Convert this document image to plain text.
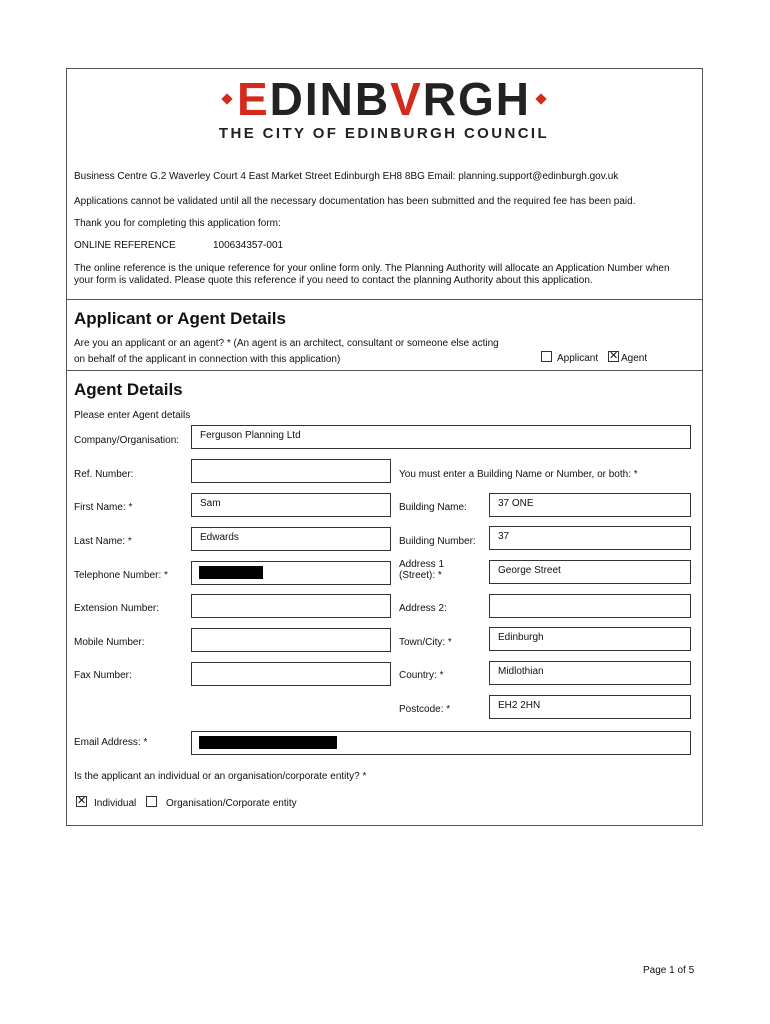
EDINBVRGH
THE CITY OF EDINBURGH COUNCIL
Business Centre G.2 Waverley Court 4 East Market Street Edinburgh EH8 8BG Email: planning.support@edinburgh.gov.uk
Applications cannot be validated until all the necessary documentation has been submitted and the required fee has been paid.
Thank you for completing this application form:
ONLINE REFERENCE	100634357-001
The online reference is the unique reference for your online form only. The Planning Authority will allocate an Application Number when
your form is validated. Please quote this reference if you need to contact the planning Authority about this application.
Applicant or Agent Details
Are you an applicant or an agent? * (An agent is an architect, consultant or someone else acting
on behalf of the applicant in connection with this application)	Applicant ✕ Agent
Agent Details
Please enter Agent details
Company/Organisation: Ferguson Planning Ltd
Ref. Number:	You must enter a Building Name or Number, or both: *
First Name: *	Sam	Building Name:	37 ONE
Last Name: *	Edwards	Building Number: 37
Telephone Number: *
Address 1
(Street): *	George Street
Extension Number:	Address 2:
Mobile Number:	Town/City: *	Edinburgh
Fax Number:	Country: *	Midlothian
Postcode: *	EH2 2HN
Email Address: *
Is the applicant an individual or an organisation/corporate entity? *
✕ Individual	Organisation/Corporate entity
Page 1 of 5
